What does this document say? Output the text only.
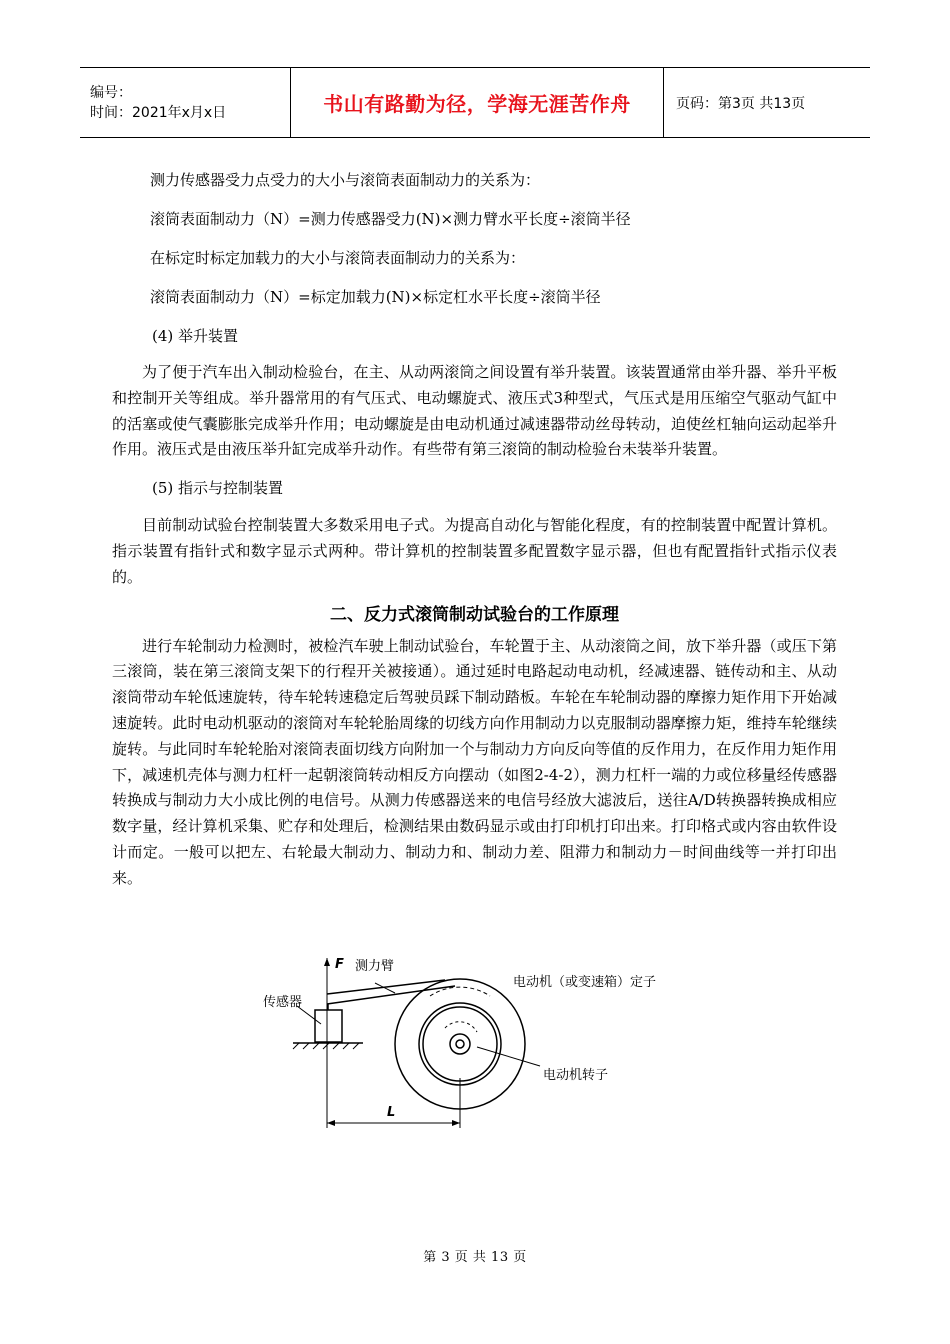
编号：
时间：2021年x月x日	书山有路勤为径，学海无涯苦作舟	页码：第3页 共13页

测力传感器受力点受力的大小与滚筒表面制动力的关系为：

滚筒表面制动力（N）=测力传感器受力(N)×测力臂水平长度÷滚筒半径

在标定时标定加载力的大小与滚筒表面制动力的关系为：

滚筒表面制动力（N）=标定加载力(N)×标定杠水平长度÷滚筒半径

(4) 举升装置

为了便于汽车出入制动检验台，在主、从动两滚筒之间设置有举升装置。该装置通常由举升器、举升平板和控制开关等组成。举升器常用的有气压式、电动螺旋式、液压式3种型式，气压式是用压缩空气驱动气缸中的活塞或使气囊膨胀完成举升作用；电动螺旋是由电动机通过减速器带动丝母转动，迫使丝杠轴向运动起举升作用。液压式是由液压举升缸完成举升动作。有些带有第三滚筒的制动检验台未装举升装置。

(5) 指示与控制装置

目前制动试验台控制装置大多数采用电子式。为提高自动化与智能化程度，有的控制装置中配置计算机。指示装置有指针式和数字显示式两种。带计算机的控制装置多配置数字显示器，但也有配置指针式指示仪表的。

二、反力式滚筒制动试验台的工作原理

进行车轮制动力检测时，被检汽车驶上制动试验台，车轮置于主、从动滚筒之间，放下举升器（或压下第三滚筒，装在第三滚筒支架下的行程开关被接通）。通过延时电路起动电动机，经减速器、链传动和主、从动滚筒带动车轮低速旋转，待车轮转速稳定后驾驶员踩下制动踏板。车轮在车轮制动器的摩擦力矩作用下开始减速旋转。此时电动机驱动的滚筒对车轮轮胎周缘的切线方向作用制动力以克服制动器摩擦力矩，维持车轮继续旋转。与此同时车轮轮胎对滚筒表面切线方向附加一个与制动力方向反向等值的反作用力，在反作用力矩作用下，减速机壳体与测力杠杆一起朝滚筒转动相反方向摆动（如图2-4-2），测力杠杆一端的力或位移量经传感器转换成与制动力大小成比例的电信号。从测力传感器送来的电信号经放大滤波后，送往A/D转换器转换成相应数字量，经计算机采集、贮存和处理后，检测结果由数码显示或由打印机打印出来。打印格式或内容由软件设计而定。一般可以把左、右轮最大制动力、制动力和、制动力差、阻滞力和制动力－时间曲线等一并打印出来。

F 测力臂
传感器
电动机（或变速箱）定子
电动机转子
L
第 3 页 共 13 页
